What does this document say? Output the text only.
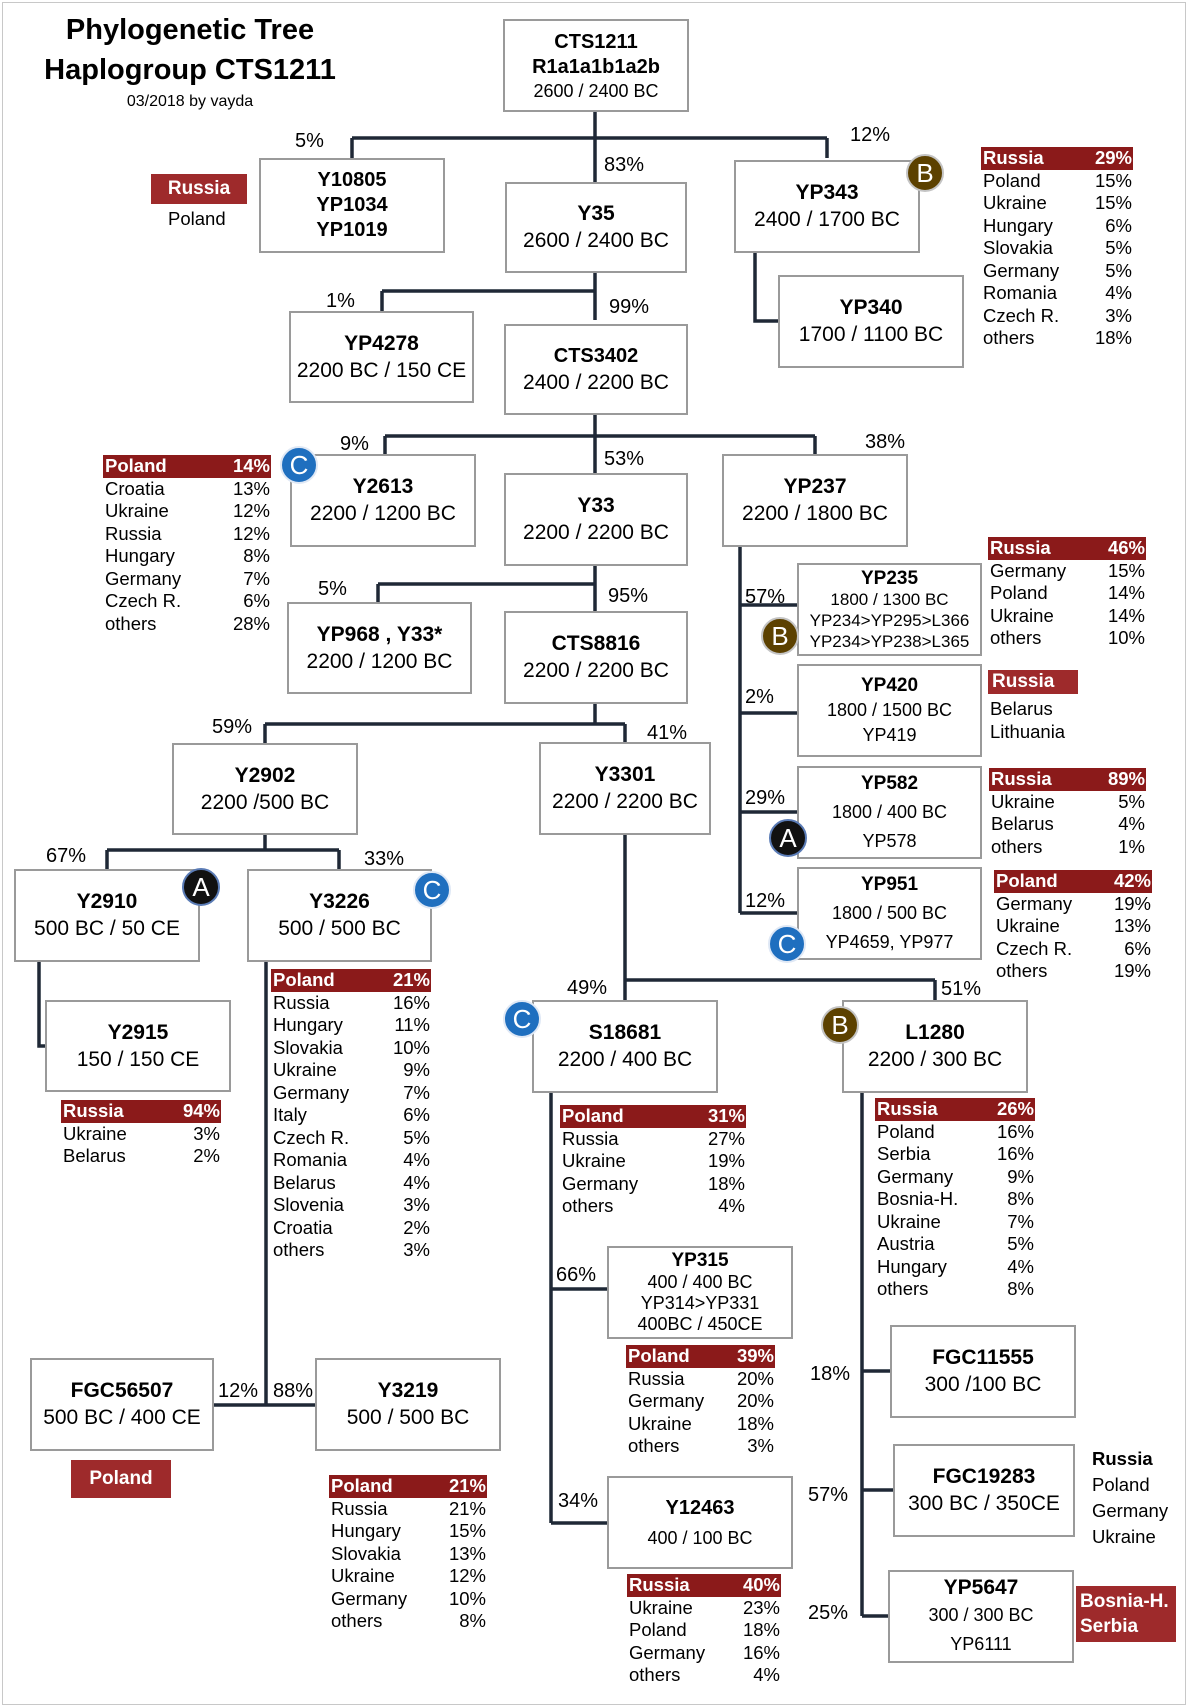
Phylogenetic Tree
Haplogroup CTS1211
03/2018 by vayda
CTS1211
R1a1a1b1a2b
2600 / 2400 BC
Y10805
YP1034
YP1019
Y35
2600 / 2400 BC
YP343
2400 / 1700 BC
YP340
1700 / 1100 BC
YP4278
2200 BC / 150 CE
CTS3402
2400 / 2200 BC
Y2613
2200 / 1200 BC	Y33
2200 / 2200 BC
YP237
2200 / 1800 BC
YP968 , Y33*
2200 / 1200 BC
CTS8816
2200 / 2200 BC
YP235
1800 / 1300 BC
YP234>YP295>L366
YP234>YP238>L365
YP420
1800 / 1500 BC
YP419
YP582
1800 / 400 BC
YP578
YP951
1800 / 500 BC
YP4659, YP977
Y2902
2200 /500 BC
Y3301
2200 / 2200 BC
Y2910
500 BC / 50 CE
Y3226
500 / 500 BC
Y2915
150 / 150 CE
S18681
2200 / 400 BC
L1280
2200 / 300 BC
YP315
400 / 400 BC
YP314>YP331
400BC / 450CE
Y12463
400 / 100 BC
FGC11555
300 /100 BC
FGC19283
300 BC / 350CE
YP5647
300 / 300 BC
YP6111
FGC56507
500 BC / 400 CE
Y3219
500 / 500 BC
5%
83%
12%
1%	99%
9%
53%
38%
5%	95%	57%
2%
29%
12%
59%	41%
67%	33%
49%	51%
12% 88%
66%
34%
18%
57%
25%
B
C
B
A
C
A	C
C	B
Russia
Poland
Russia
Belarus
Lithuania
Russia
Poland
Germany
Ukraine
Poland
Bosnia-H.
Serbia
Russia	29%
Poland	15%
Ukraine	15%
Hungary	6%
Slovakia	5%
Germany 5%
Romania	4%
Czech R. 3%
others	18%
Poland	14%
Croatia	13%
Ukraine	12%
Russia	12%
Hungary	8%
Germany	7%
Czech R.	6%
others	28%
Russia	46%
Germany 15%
Poland	14%
Ukraine	14%
others	10%
Russia	89%
Ukraine	5%
Belarus	4%
others	1%
Poland	42%
Germany 19%
Ukraine	13%
Czech R.	6%
others	19%
Russia	94%
Ukraine	3%
Belarus	2%
Poland	21%
Russia	16%
Hungary	11%
Slovakia	10%
Ukraine	9%
Germany	7%
Italy	6%
Czech R.	5%
Romania	4%
Belarus	4%
Slovenia	3%
Croatia	2%
others	3%
Poland	31%
Russia	27%
Ukraine	19%
Germany	18%
others	4%
Russia	26%
Poland	16%
Serbia	16%
Germany	9%
Bosnia-H.	8%
Ukraine	7%
Austria	5%
Hungary	4%
others	8%
Poland	39%
Russia	20%
Germany 20%
Ukraine 18%
others	3%
Russia	40%
Ukraine	23%
Poland	18%
Germany 16%
others	4%
Poland	21%
Russia	21%
Hungary	15%
Slovakia	13%
Ukraine	12%
Germany 10%
others	8%
